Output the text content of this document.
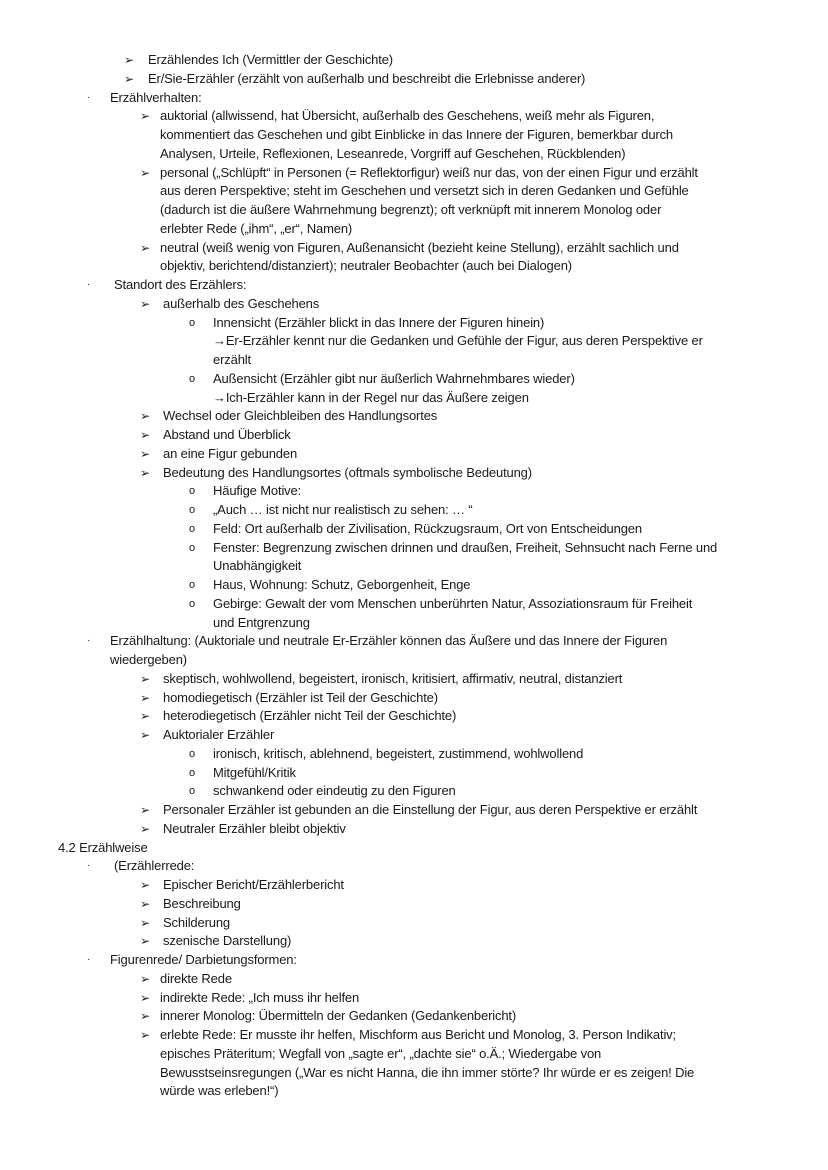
➢	Erzählendes Ich (Vermittler der Geschichte)
➢	Er/Sie-Erzähler (erzählt von außerhalb und beschreibt die Erlebnisse anderer)
·	Erzählverhalten:
➢ auktorial (allwissend, hat Übersicht, außerhalb des Geschehens, weiß mehr als Figuren,
kommentiert das Geschehen und gibt Einblicke in das Innere der Figuren, bemerkbar durch
Analysen, Urteile, Reflexionen, Leseanrede, Vorgriff auf Geschehen, Rückblenden)
➢ personal („Schlüpft“ in Personen (= Reflektorfigur) weiß nur das, von der einen Figur und erzählt
aus deren Perspektive; steht im Geschehen und versetzt sich in deren Gedanken und Gefühle
(dadurch ist die äußere Wahrnehmung begrenzt); oft verknüpft mit innerem Monolog oder
erlebter Rede („ihm“, „er“, Namen)
➢ neutral (weiß wenig von Figuren, Außenansicht (bezieht keine Stellung), erzählt sachlich und
objektiv, berichtend/distanziert); neutraler Beobachter (auch bei Dialogen)
·	Standort des Erzählers:
➢	außerhalb des Geschehens
o	Innensicht (Erzähler blickt in das Innere der Figuren hinein)
→Er-Erzähler kennt nur die Gedanken und Gefühle der Figur, aus deren Perspektive er
erzählt
o	Außensicht (Erzähler gibt nur äußerlich Wahrnehmbares wieder)
→Ich-Erzähler kann in der Regel nur das Äußere zeigen
➢	Wechsel oder Gleichbleiben des Handlungsortes
➢	Abstand und Überblick
➢	an eine Figur gebunden
➢	Bedeutung des Handlungsortes (oftmals symbolische Bedeutung)
o	Häufige Motive:
o	„Auch … ist nicht nur realistisch zu sehen: … “
o	Feld: Ort außerhalb der Zivilisation, Rückzugsraum, Ort von Entscheidungen
o	Fenster: Begrenzung zwischen drinnen und draußen, Freiheit, Sehnsucht nach Ferne und
Unabhängigkeit
o	Haus, Wohnung: Schutz, Geborgenheit, Enge
o	Gebirge: Gewalt der vom Menschen unberührten Natur, Assoziationsraum für Freiheit
und Entgrenzung
·	Erzählhaltung: (Auktoriale und neutrale Er-Erzähler können das Äußere und das Innere der Figuren
wiedergeben)
➢	skeptisch, wohlwollend, begeistert, ironisch, kritisiert, affirmativ, neutral, distanziert
➢	homodiegetisch (Erzähler ist Teil der Geschichte)
➢	heterodiegetisch (Erzähler nicht Teil der Geschichte)
➢	Auktorialer Erzähler
o	ironisch, kritisch, ablehnend, begeistert, zustimmend, wohlwollend
o	Mitgefühl/Kritik
o	schwankend oder eindeutig zu den Figuren
➢	Personaler Erzähler ist gebunden an die Einstellung der Figur, aus deren Perspektive er erzählt
➢	Neutraler Erzähler bleibt objektiv
4.2 Erzählweise
·	(Erzählerrede:
➢	Epischer Bericht/Erzählerbericht
➢	Beschreibung
➢	Schilderung
➢	szenische Darstellung)
·	Figurenrede/ Darbietungsformen:
➢ direkte Rede
➢ indirekte Rede: „Ich muss ihr helfen
➢ innerer Monolog: Übermitteln der Gedanken (Gedankenbericht)
➢ erlebte Rede: Er musste ihr helfen, Mischform aus Bericht und Monolog, 3. Person Indikativ;
episches Präteritum; Wegfall von „sagte er“, „dachte sie“ o.Ä.; Wiedergabe von
Bewusstseinsregungen („War es nicht Hanna, die ihn immer störte? Ihr würde er es zeigen! Die
würde was erleben!“)
